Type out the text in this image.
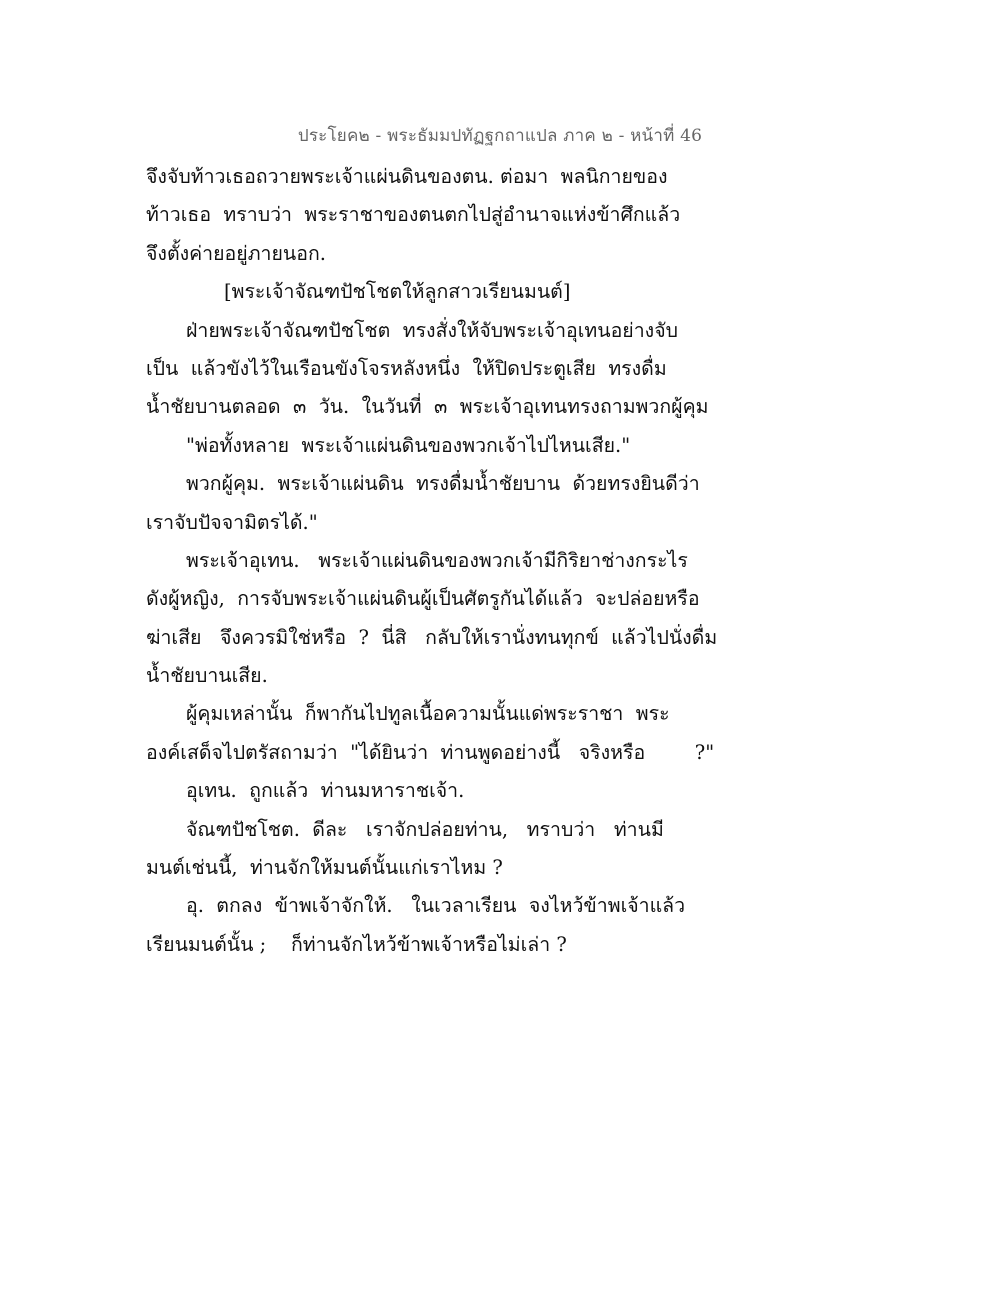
ประโยค๒ - พระธัมมปทัฏฐกถาแปล ภาค ๒ - หน้าที่ 46
จึงจับท้าวเธอถวายพระเจ้าแผ่นดินของตน. ต่อมา  พลนิกายของ
ท้าวเธอ  ทราบว่า  พระราชาของตนตกไปสู่อำนาจแห่งข้าศึกแล้ว
จึงตั้งค่ายอยู่ภายนอก.
[พระเจ้าจัณฑปัชโชตให้ลูกสาวเรียนมนต์]
ฝ่ายพระเจ้าจัณฑปัชโชต  ทรงสั่งให้จับพระเจ้าอุเทนอย่างจับ
เป็น  แล้วขังไว้ในเรือนขังโจรหลังหนึ่ง  ให้ปิดประตูเสีย  ทรงดื่ม
น้ำชัยบานตลอด  ๓  วัน.  ในวันที่  ๓  พระเจ้าอุเทนทรงถามพวกผู้คุม
"พ่อทั้งหลาย  พระเจ้าแผ่นดินของพวกเจ้าไปไหนเสีย."
พวกผู้คุม.  พระเจ้าแผ่นดิน  ทรงดื่มน้ำชัยบาน  ด้วยทรงยินดีว่า
เราจับปัจจามิตรได้."
พระเจ้าอุเทน.   พระเจ้าแผ่นดินของพวกเจ้ามีกิริยาช่างกระไร
ดังผู้หญิง,  การจับพระเจ้าแผ่นดินผู้เป็นศัตรูกันได้แล้ว  จะปล่อยหรือ
ฆ่าเสีย   จึงควรมิใช่หรือ  ?  นี่สิ   กลับให้เรานั่งทนทุกข์  แล้วไปนั่งดื่ม
น้ำชัยบานเสีย.
ผู้คุมเหล่านั้น  ก็พากันไปทูลเนื้อความนั้นแด่พระราชา  พระ
องค์เสด็จไปตรัสถามว่า  "ได้ยินว่า  ท่านพูดอย่างนี้   จริงหรือ        ?"
อุเทน.  ถูกแล้ว  ท่านมหาราชเจ้า.
จัณฑปัชโชต.  ดีละ   เราจักปล่อยท่าน,   ทราบว่า   ท่านมี
มนต์เช่นนี้,  ท่านจักให้มนต์นั้นแก่เราไหม ?
อุ.  ตกลง  ข้าพเจ้าจักให้.   ในเวลาเรียน  จงไหว้ข้าพเจ้าแล้ว
เรียนมนต์นั้น ;    ก็ท่านจักไหว้ข้าพเจ้าหรือไม่เล่า ?
